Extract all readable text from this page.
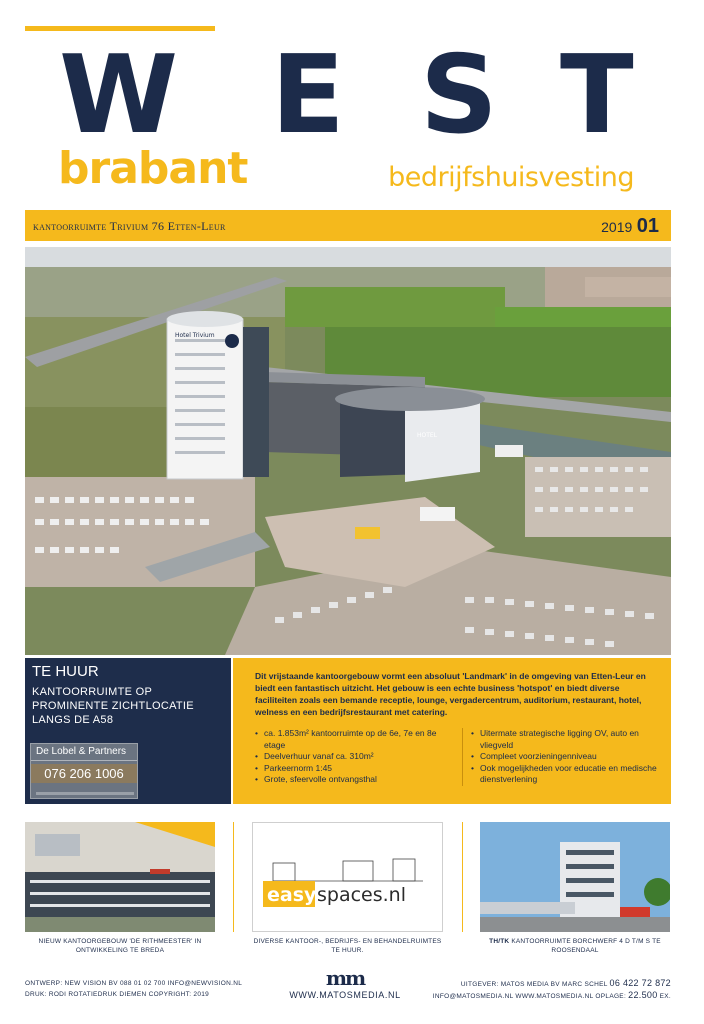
W E S T
brabant	bedrijfshuisvesting
kantoorruimte Trivium 76 Etten-Leur	2019 01
Hotel Trivium
HOTEL
TE HUUR
KANTOORRUIMTE OP PROMINENTE ZICHTLOCATIE LANGS DE A58
De Lobel & Partners
076 206 1006
Dit vrijstaande kantoorgebouw vormt een absoluut 'Landmark' in de omgeving van Etten-Leur en biedt een fantastisch uitzicht. Het gebouw is een echte business 'hotspot' en biedt diverse faciliteiten zoals een bemande receptie, lounge, vergadercentrum, auditorium, restaurant, hotel, welness en een bedrijfsrestaurant met catering.
• ca. 1.853m² kantoorruimte op de 6e, 7e en 8e etage
• Deelverhuur vanaf ca. 310m²
• Parkeernorm 1:45
• Grote, sfeervolle ontvangsthal
• Uitermate strategische ligging OV, auto en vliegveld
• Compleet voorzieningenniveau
• Ook mogelijkheden voor educatie en medische dienstverlening
easy spaces.nl
NIEUW KANTOORGEBOUW 'DE RITHMEESTER' IN ONTWIKKELING TE BREDA
DIVERSE KANTOOR-, BEDRIJFS- EN BEHANDELRUIMTES TE HUUR.
TH/TK KANTOORRUIMTE BORCHWERF 4 D T/M S TE ROOSENDAAL
ONTWERP: NEW VISION BV 088 01 02 700 INFO@NEWVISION.NL
DRUK: RODI ROTATIEDRUK DIEMEN COPYRIGHT: 2019
mm
WWW.MATOSMEDIA.NL
UITGEVER: MATOS MEDIA BV MARC SCHEL 06 422 72 872
INFO@MATOSMEDIA.NL WWW.MATOSMEDIA.NL OPLAGE: 22.500 EX.
